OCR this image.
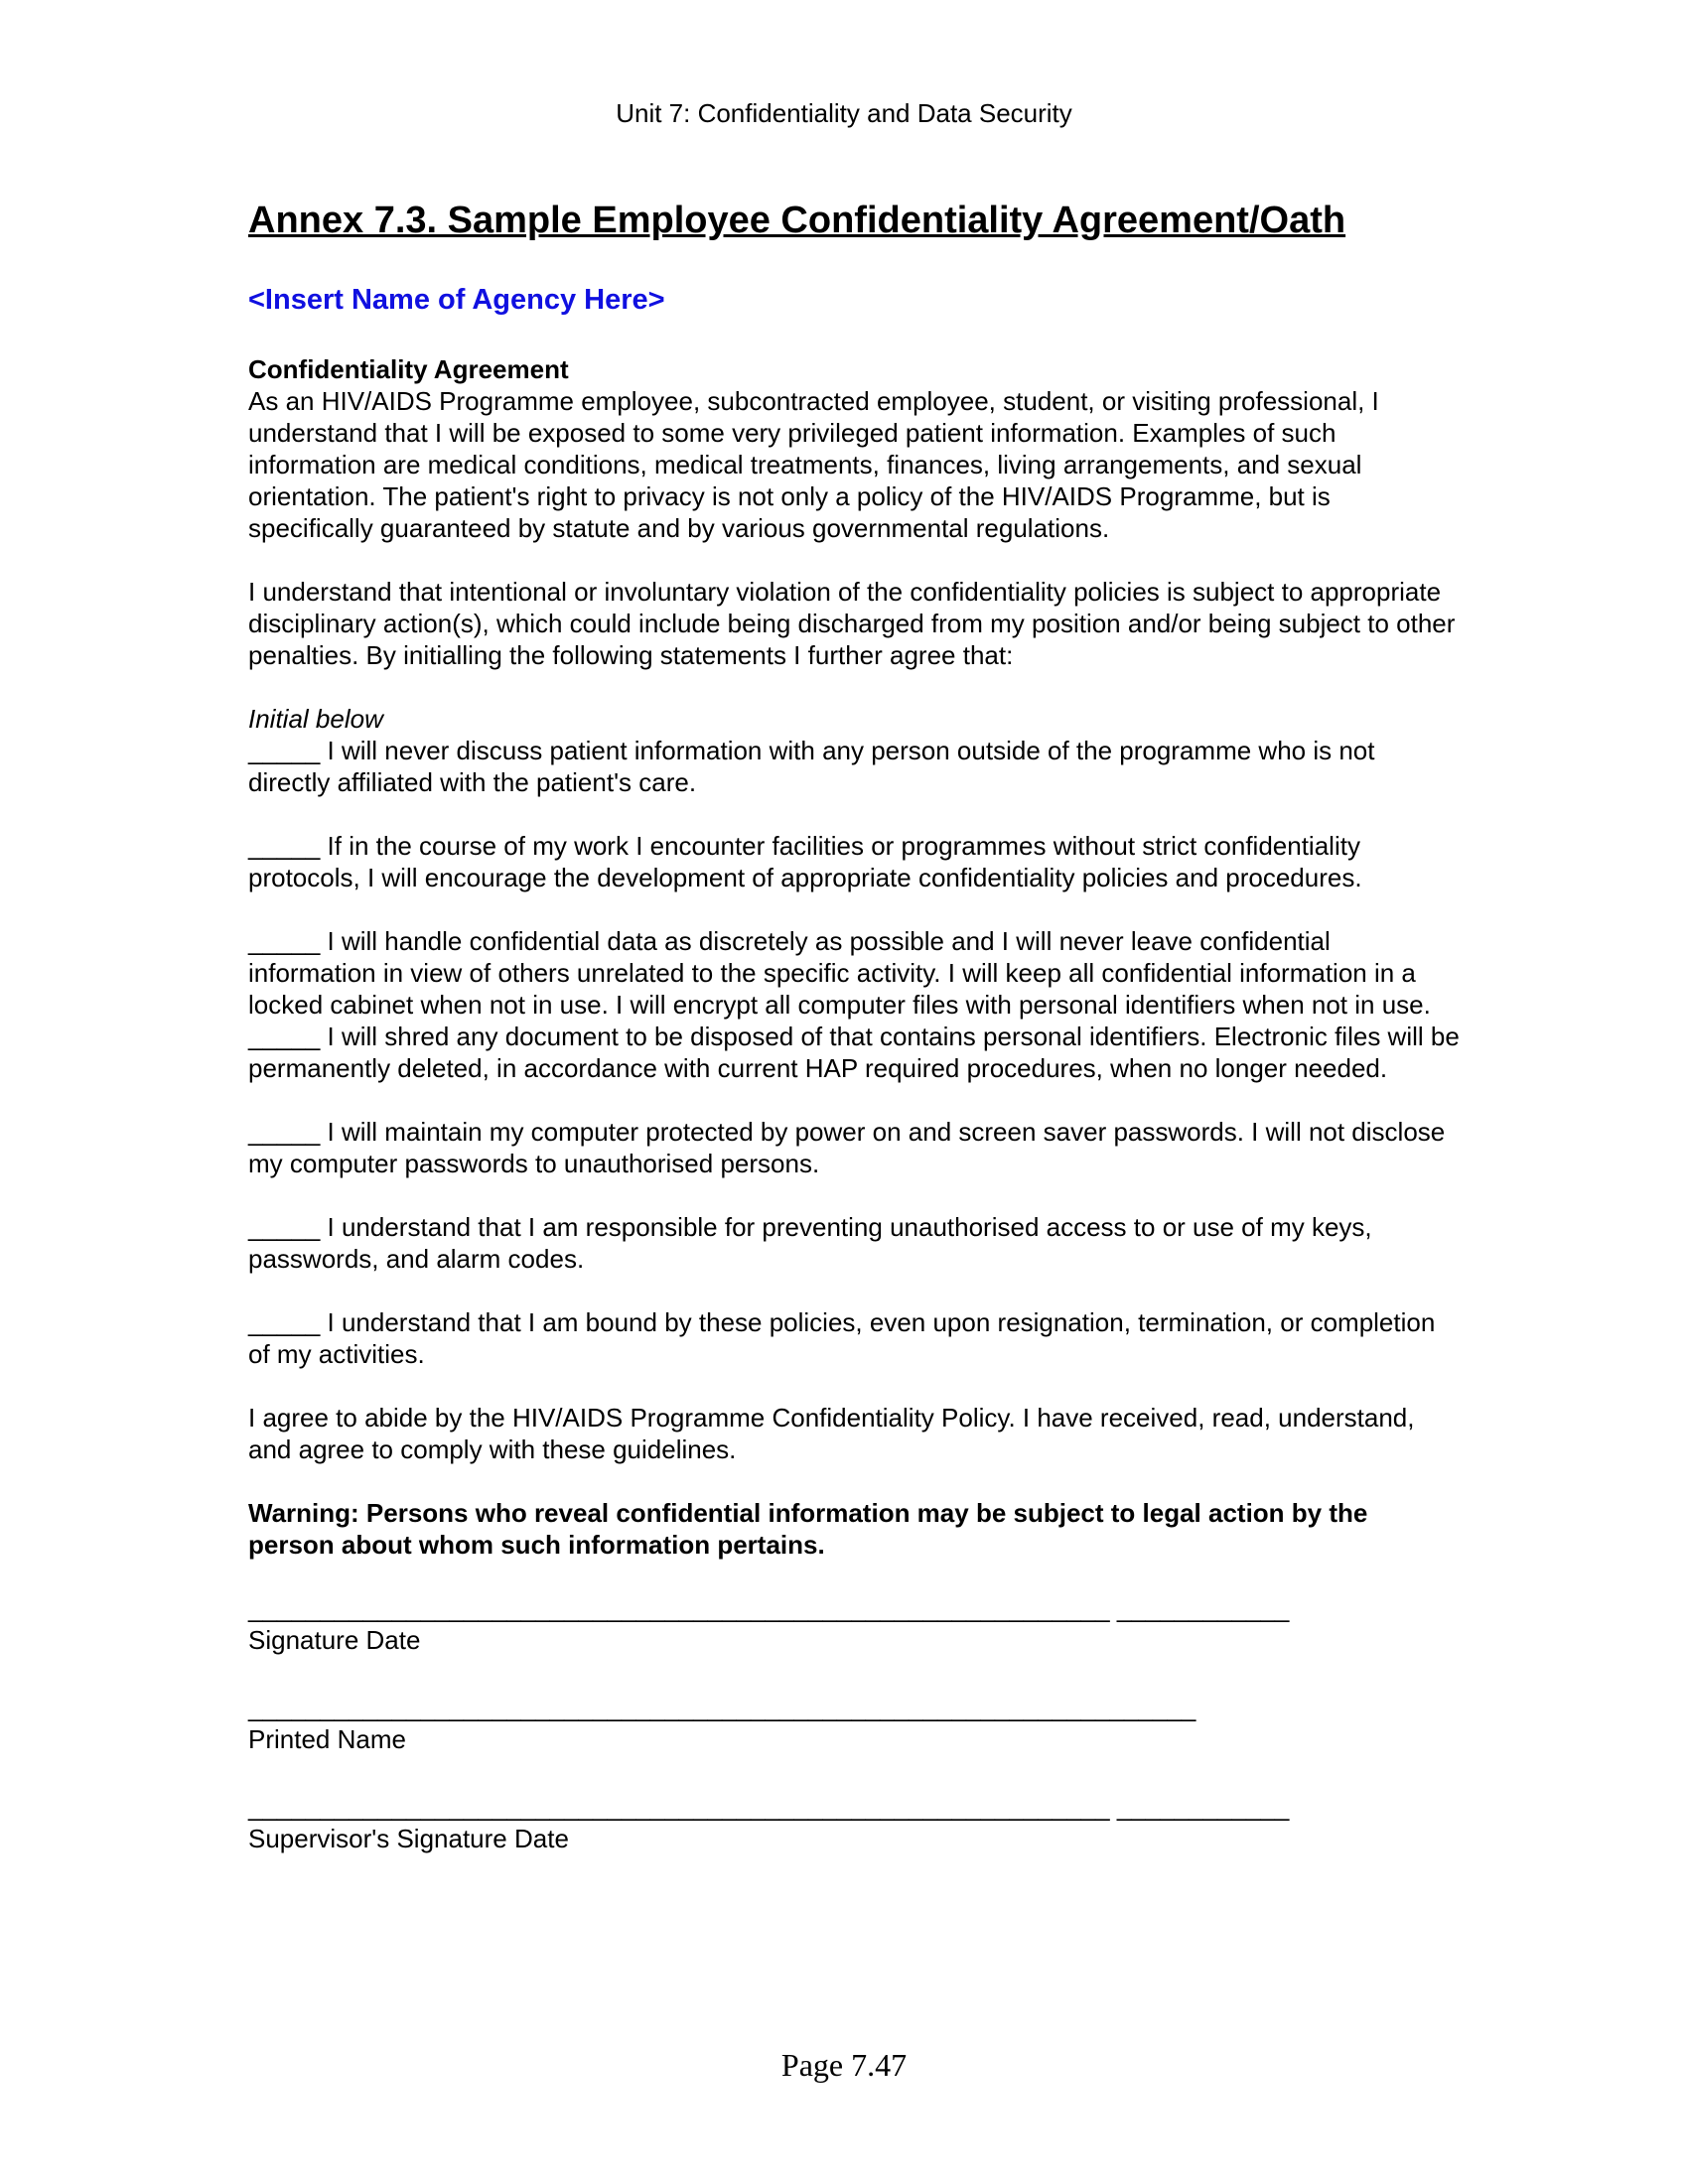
Unit 7: Confidentiality and Data Security
Annex 7.3. Sample Employee Confidentiality Agreement/Oath
<Insert Name of Agency Here>
Confidentiality Agreement

As an HIV/AIDS Programme employee, subcontracted employee, student, or visiting professional, I understand that I will be exposed to some very privileged patient information. Examples of such information are medical conditions, medical treatments, finances, living arrangements, and sexual orientation. The patient's right to privacy is not only a policy of the HIV/AIDS Programme, but is specifically guaranteed by statute and by various governmental regulations.

I understand that intentional or involuntary violation of the confidentiality policies is subject to appropriate disciplinary action(s), which could include being discharged from my position and/or being subject to other penalties. By initialling the following statements I further agree that:

Initial below

_____ I will never discuss patient information with any person outside of the programme who is not directly affiliated with the patient's care.

_____ If in the course of my work I encounter facilities or programmes without strict confidentiality protocols, I will encourage the development of appropriate confidentiality policies and procedures.

_____ I will handle confidential data as discretely as possible and I will never leave confidential information in view of others unrelated to the specific activity. I will keep all confidential information in a locked cabinet when not in use. I will encrypt all computer files with personal identifiers when not in use.

_____ I will shred any document to be disposed of that contains personal identifiers. Electronic files will be permanently deleted, in accordance with current HAP required procedures, when no longer needed.

_____ I will maintain my computer protected by power on and screen saver passwords. I will not disclose my computer passwords to unauthorised persons.

_____ I understand that I am responsible for preventing unauthorised access to or use of my keys, passwords, and alarm codes.

_____ I understand that I am bound by these policies, even upon resignation, termination, or completion of my activities.

I agree to abide by the HIV/AIDS Programme Confidentiality Policy. I have received, read, understand, and agree to comply with these guidelines.

Warning: Persons who reveal confidential information may be subject to legal action by the person about whom such information pertains.

____________________________________________________________ ____________
Signature Date
__________________________________________________________________
Printed Name
____________________________________________________________ ____________
Supervisor's Signature Date
Page 7.47
